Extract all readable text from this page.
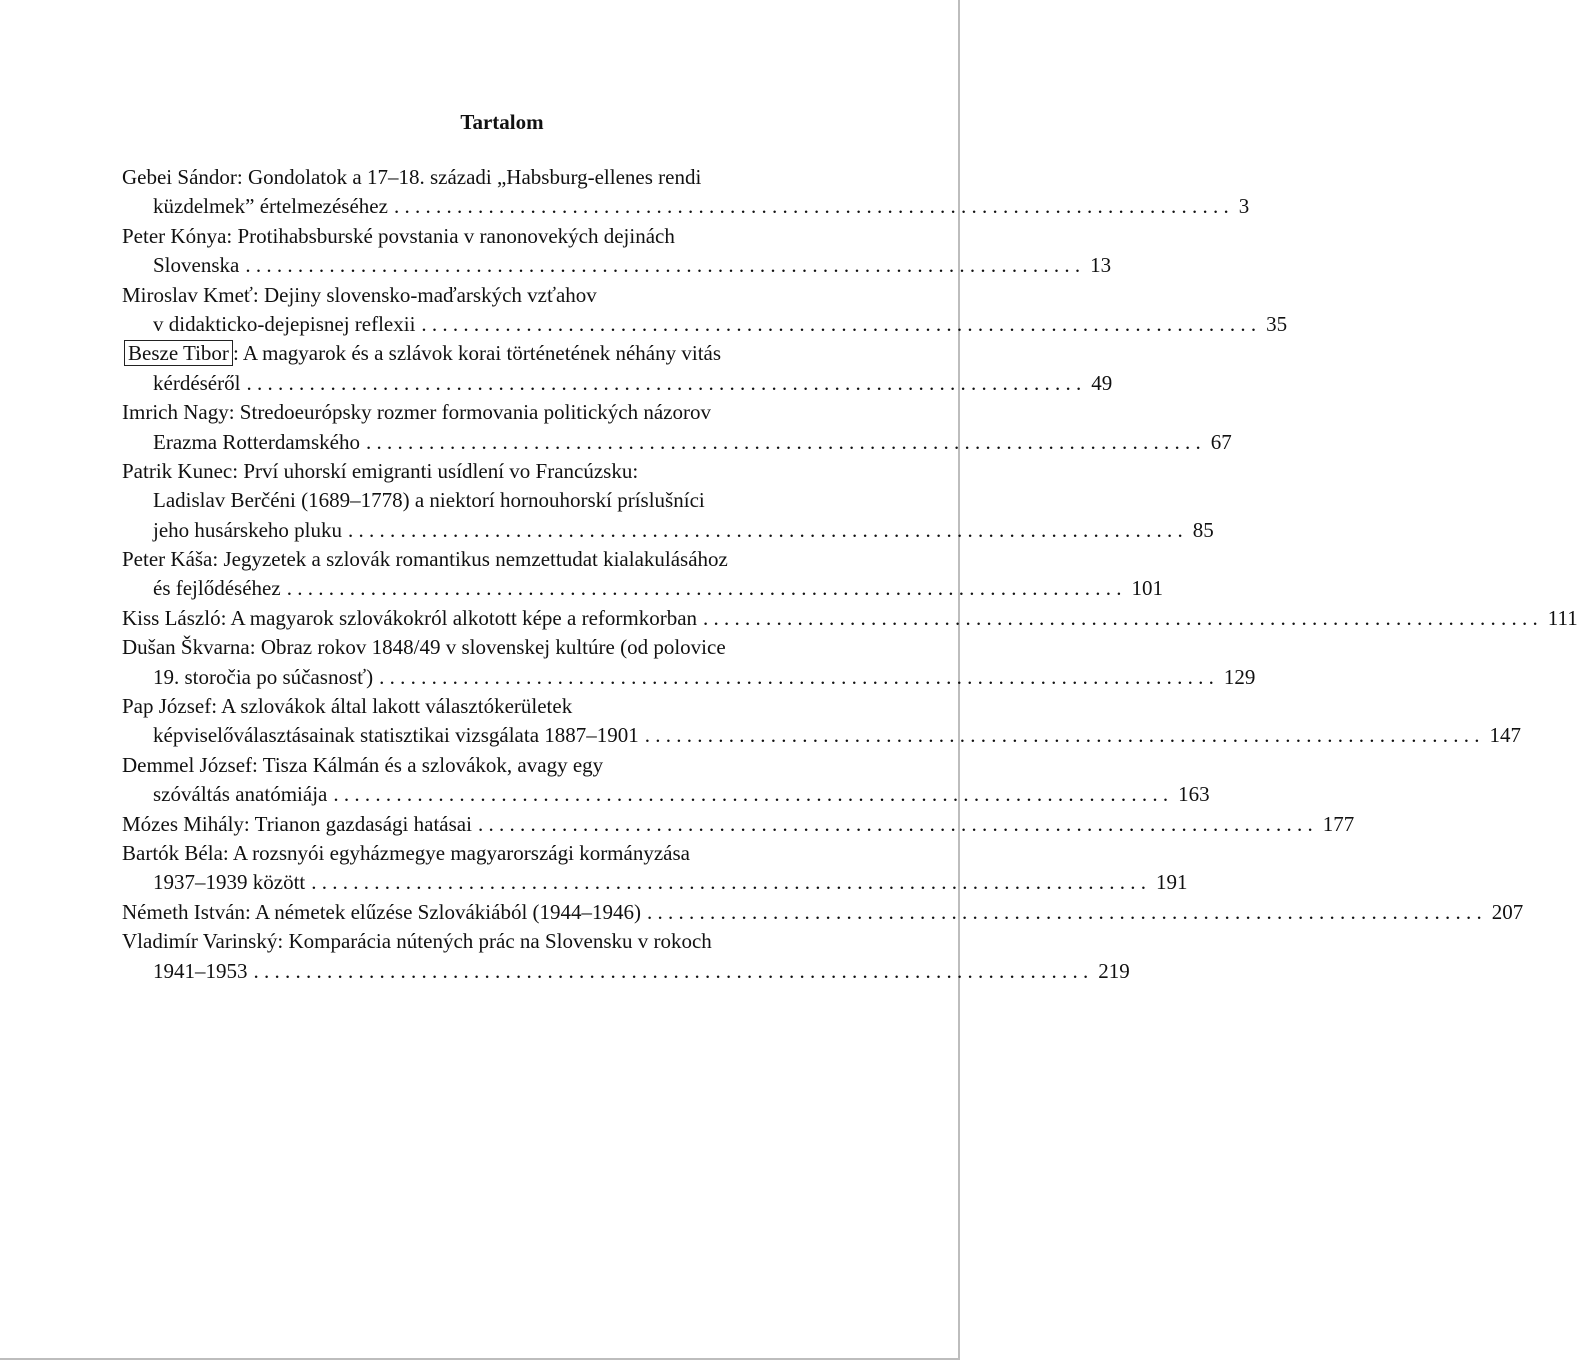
Tartalom
Gebei Sándor: Gondolatok a 17–18. századi „Habsburg-ellenes rendi
küzdelmek” értelmezéséhez . . . . . . . . . . . . . . . . . . . . . . . . . . . . . . . . . . . . . . . . . . . . . . . . . . . . . . . . . . . . . . . . . . . . . . . . . . . . . . . . 3
Peter Kónya: Protihabsburské povstania v ranonovekých dejinách
Slovenska . . . . . . . . . . . . . . . . . . . . . . . . . . . . . . . . . . . . . . . . . . . . . . . . . . . . . . . . . . . . . . . . . . . . . . . . . . . . . . . . 13
Miroslav Kmeť: Dejiny slovensko-maďarských vzťahov
v didakticko-dejepisnej reflexii . . . . . . . . . . . . . . . . . . . . . . . . . . . . . . . . . . . . . . . . . . . . . . . . . . . . . . . . . . . . . . . . . . . . . . . . . . . . . . . . 35
Besze Tibor : A magyarok és a szlávok korai történetének néhány vitás
kérdéséről . . . . . . . . . . . . . . . . . . . . . . . . . . . . . . . . . . . . . . . . . . . . . . . . . . . . . . . . . . . . . . . . . . . . . . . . . . . . . . . . 49
Imrich Nagy: Stredoeurópsky rozmer formovania politických názorov
Erazma Rotterdamského . . . . . . . . . . . . . . . . . . . . . . . . . . . . . . . . . . . . . . . . . . . . . . . . . . . . . . . . . . . . . . . . . . . . . . . . . . . . . . . . 67
Patrik Kunec: Prví uhorskí emigranti usídlení vo Francúzsku:
Ladislav Berčéni (1689–1778) a niektorí hornouhorskí príslušníci
jeho husárskeho pluku . . . . . . . . . . . . . . . . . . . . . . . . . . . . . . . . . . . . . . . . . . . . . . . . . . . . . . . . . . . . . . . . . . . . . . . . . . . . . . . . 85
Peter Káša: Jegyzetek a szlovák romantikus nemzettudat kialakulásához
és fejlődéséhez . . . . . . . . . . . . . . . . . . . . . . . . . . . . . . . . . . . . . . . . . . . . . . . . . . . . . . . . . . . . . . . . . . . . . . . . . . . . . . . . 101
Kiss László: A magyarok szlovákokról alkotott képe a reformkorban . . . . . . . . . . . . . . . . . . . . . . . . . . . . . . . . . . . . . . . . . . . . . . . . . . . . . . . . . . . . . . . . . . . . . . . . . . . . . . . . 111
Dušan Škvarna: Obraz rokov 1848/49 v slovenskej kultúre (od polovice
19. storočia po súčasnosť) . . . . . . . . . . . . . . . . . . . . . . . . . . . . . . . . . . . . . . . . . . . . . . . . . . . . . . . . . . . . . . . . . . . . . . . . . . . . . . . . 129
Pap József: A szlovákok által lakott választókerületek
képviselőválasztásainak statisztikai vizsgálata 1887–1901 . . . . . . . . . . . . . . . . . . . . . . . . . . . . . . . . . . . . . . . . . . . . . . . . . . . . . . . . . . . . . . . . . . . . . . . . . . . . . . . . 147
Demmel József: Tisza Kálmán és a szlovákok, avagy egy
szóváltás anatómiája . . . . . . . . . . . . . . . . . . . . . . . . . . . . . . . . . . . . . . . . . . . . . . . . . . . . . . . . . . . . . . . . . . . . . . . . . . . . . . . . 163
Mózes Mihály: Trianon gazdasági hatásai . . . . . . . . . . . . . . . . . . . . . . . . . . . . . . . . . . . . . . . . . . . . . . . . . . . . . . . . . . . . . . . . . . . . . . . . . . . . . . . . 177
Bartók Béla: A rozsnyói egyházmegye magyarországi kormányzása
1937–1939 között . . . . . . . . . . . . . . . . . . . . . . . . . . . . . . . . . . . . . . . . . . . . . . . . . . . . . . . . . . . . . . . . . . . . . . . . . . . . . . . . 191
Németh István: A németek elűzése Szlovákiából (1944–1946) . . . . . . . . . . . . . . . . . . . . . . . . . . . . . . . . . . . . . . . . . . . . . . . . . . . . . . . . . . . . . . . . . . . . . . . . . . . . . . . . 207
Vladimír Varinský: Komparácia nútených prác na Slovensku v rokoch
1941–1953 . . . . . . . . . . . . . . . . . . . . . . . . . . . . . . . . . . . . . . . . . . . . . . . . . . . . . . . . . . . . . . . . . . . . . . . . . . . . . . . . 219
